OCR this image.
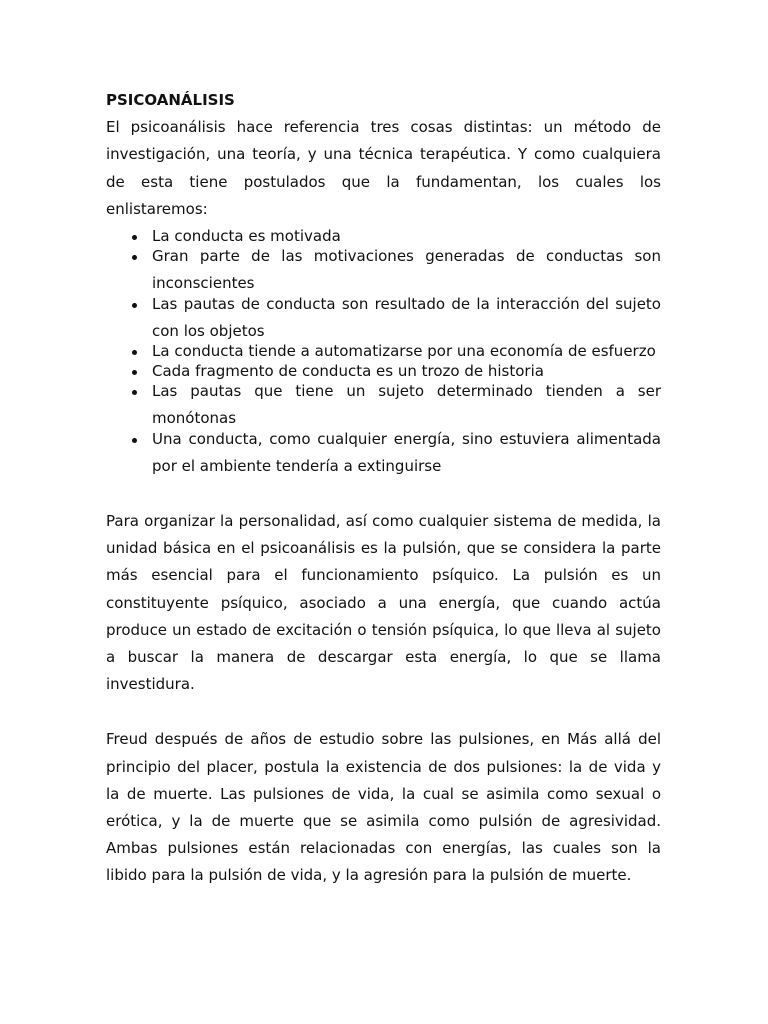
PSICOANÁLISIS
El psicoanálisis hace referencia tres cosas distintas: un método de
investigación, una teoría, y una técnica terapéutica. Y como cualquiera
de esta tiene postulados que la fundamentan, los cuales los
enlistaremos:
La conducta es motivada
Gran parte de las motivaciones generadas de conductas son
inconscientes
Las pautas de conducta son resultado de la interacción del sujeto
con los objetos
La conducta tiende a automatizarse por una economía de esfuerzo
Cada fragmento de conducta es un trozo de historia
Las pautas que tiene un sujeto determinado tienden a ser
monótonas
Una conducta, como cualquier energía, sino estuviera alimentada
por el ambiente tendería a extinguirse
Para organizar la personalidad, así como cualquier sistema de medida, la
unidad básica en el psicoanálisis es la pulsión, que se considera la parte
más esencial para el funcionamiento psíquico. La pulsión es un
constituyente psíquico, asociado a una energía, que cuando actúa
produce un estado de excitación o tensión psíquica, lo que lleva al sujeto
a buscar la manera de descargar esta energía, lo que se llama
investidura.
Freud después de años de estudio sobre las pulsiones, en Más allá del
principio del placer, postula la existencia de dos pulsiones: la de vida y
la de muerte. Las pulsiones de vida, la cual se asimila como sexual o
erótica, y la de muerte que se asimila como pulsión de agresividad.
Ambas pulsiones están relacionadas con energías, las cuales son la
libido para la pulsión de vida, y la agresión para la pulsión de muerte.
